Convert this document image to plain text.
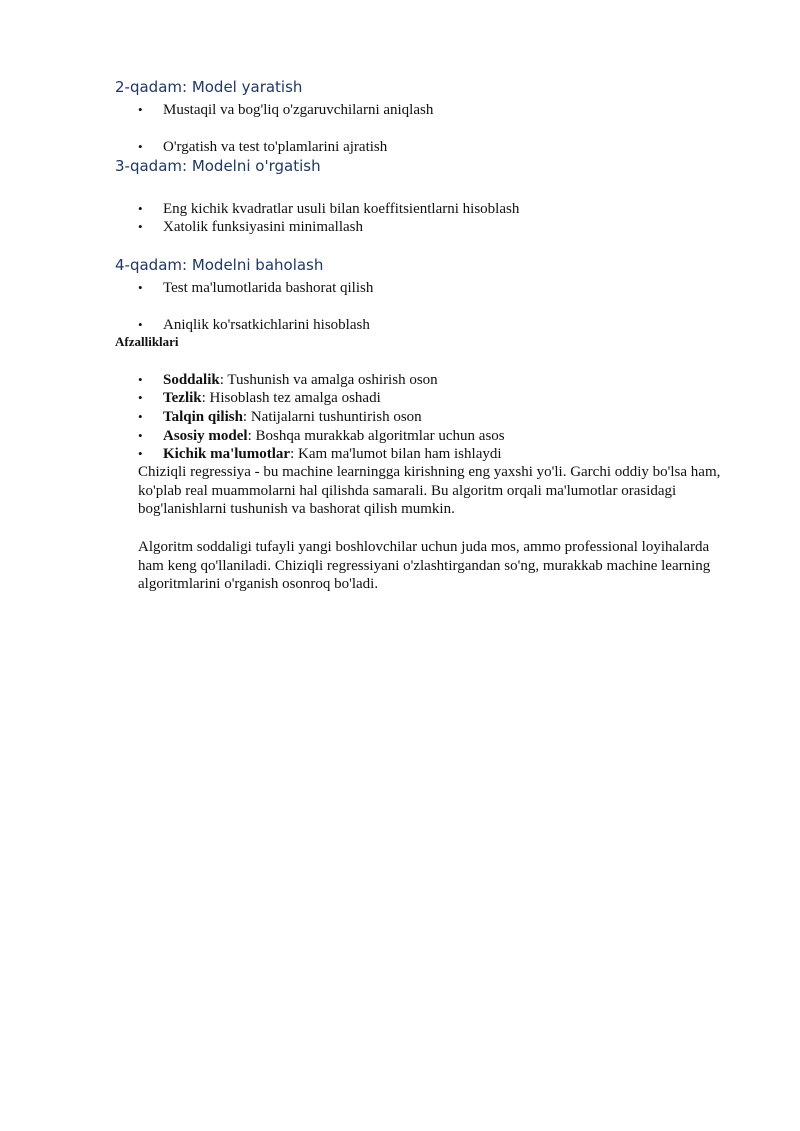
2-qadam: Model yaratish
• Mustaqil va bog'liq o'zgaruvchilarni aniqlash
• O'rgatish va test to'plamlarini ajratish
3-qadam: Modelni o'rgatish
• Eng kichik kvadratlar usuli bilan koeffitsientlarni hisoblash
• Xatolik funksiyasini minimallash
4-qadam: Modelni baholash
• Test ma'lumotlarida bashorat qilish
• Aniqlik ko'rsatkichlarini hisoblash
Afzalliklari
• Soddalik: Tushunish va amalga oshirish oson
• Tezlik: Hisoblash tez amalga oshadi
• Talqin qilish: Natijalarni tushuntirish oson
• Asosiy model: Boshqa murakkab algoritmlar uchun asos
• Kichik ma'lumotlar: Kam ma'lumot bilan ham ishlaydi

Chiziqli regressiya - bu machine learningga kirishning eng yaxshi yo'li. Garchi oddiy bo'lsa ham, ko'plab real muammolarni hal qilishda samarali. Bu algoritm orqali ma'lumotlar orasidagi bog'lanishlarni tushunish va bashorat qilish mumkin.

Algoritm soddaligi tufayli yangi boshlovchilar uchun juda mos, ammo professional loyihalarda ham keng qo'llaniladi. Chiziqli regressiyani o'zlashtirgandan so'ng, murakkab machine learning algoritmlarini o'rganish osonroq bo'ladi.
